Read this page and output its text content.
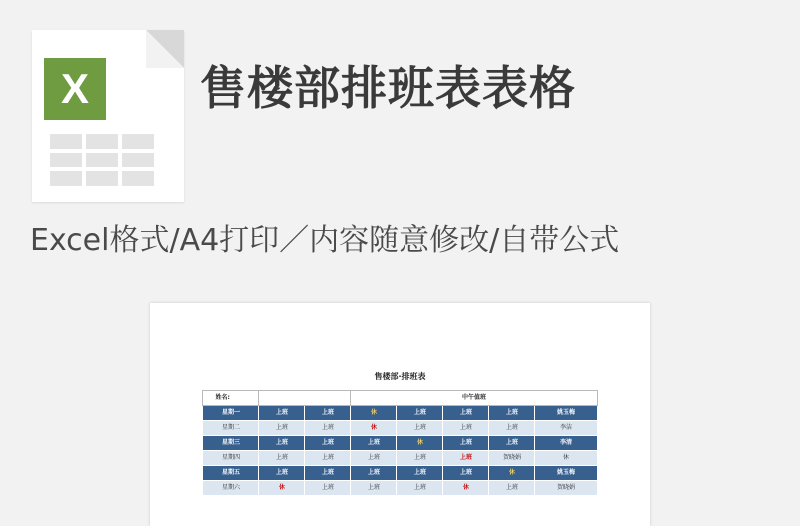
X 售楼部排班表表格
Excel格式/A4打印／内容随意修改/自带公式
售楼部·排班表
姓名:			中午值班				
星期一	上班	上班	休	上班	上班	上班	姚玉梅
星期二	上班	上班	休	上班	上班	上班	李洁
星期三	上班	上班	上班	休	上班	上班	李清
星期四	上班	上班	上班	上班	上班	贺晓娟	休
星期五	上班	上班	上班	上班	上班	休	姚玉梅
星期六	休	上班	上班	上班	休	上班	贺晓娟
